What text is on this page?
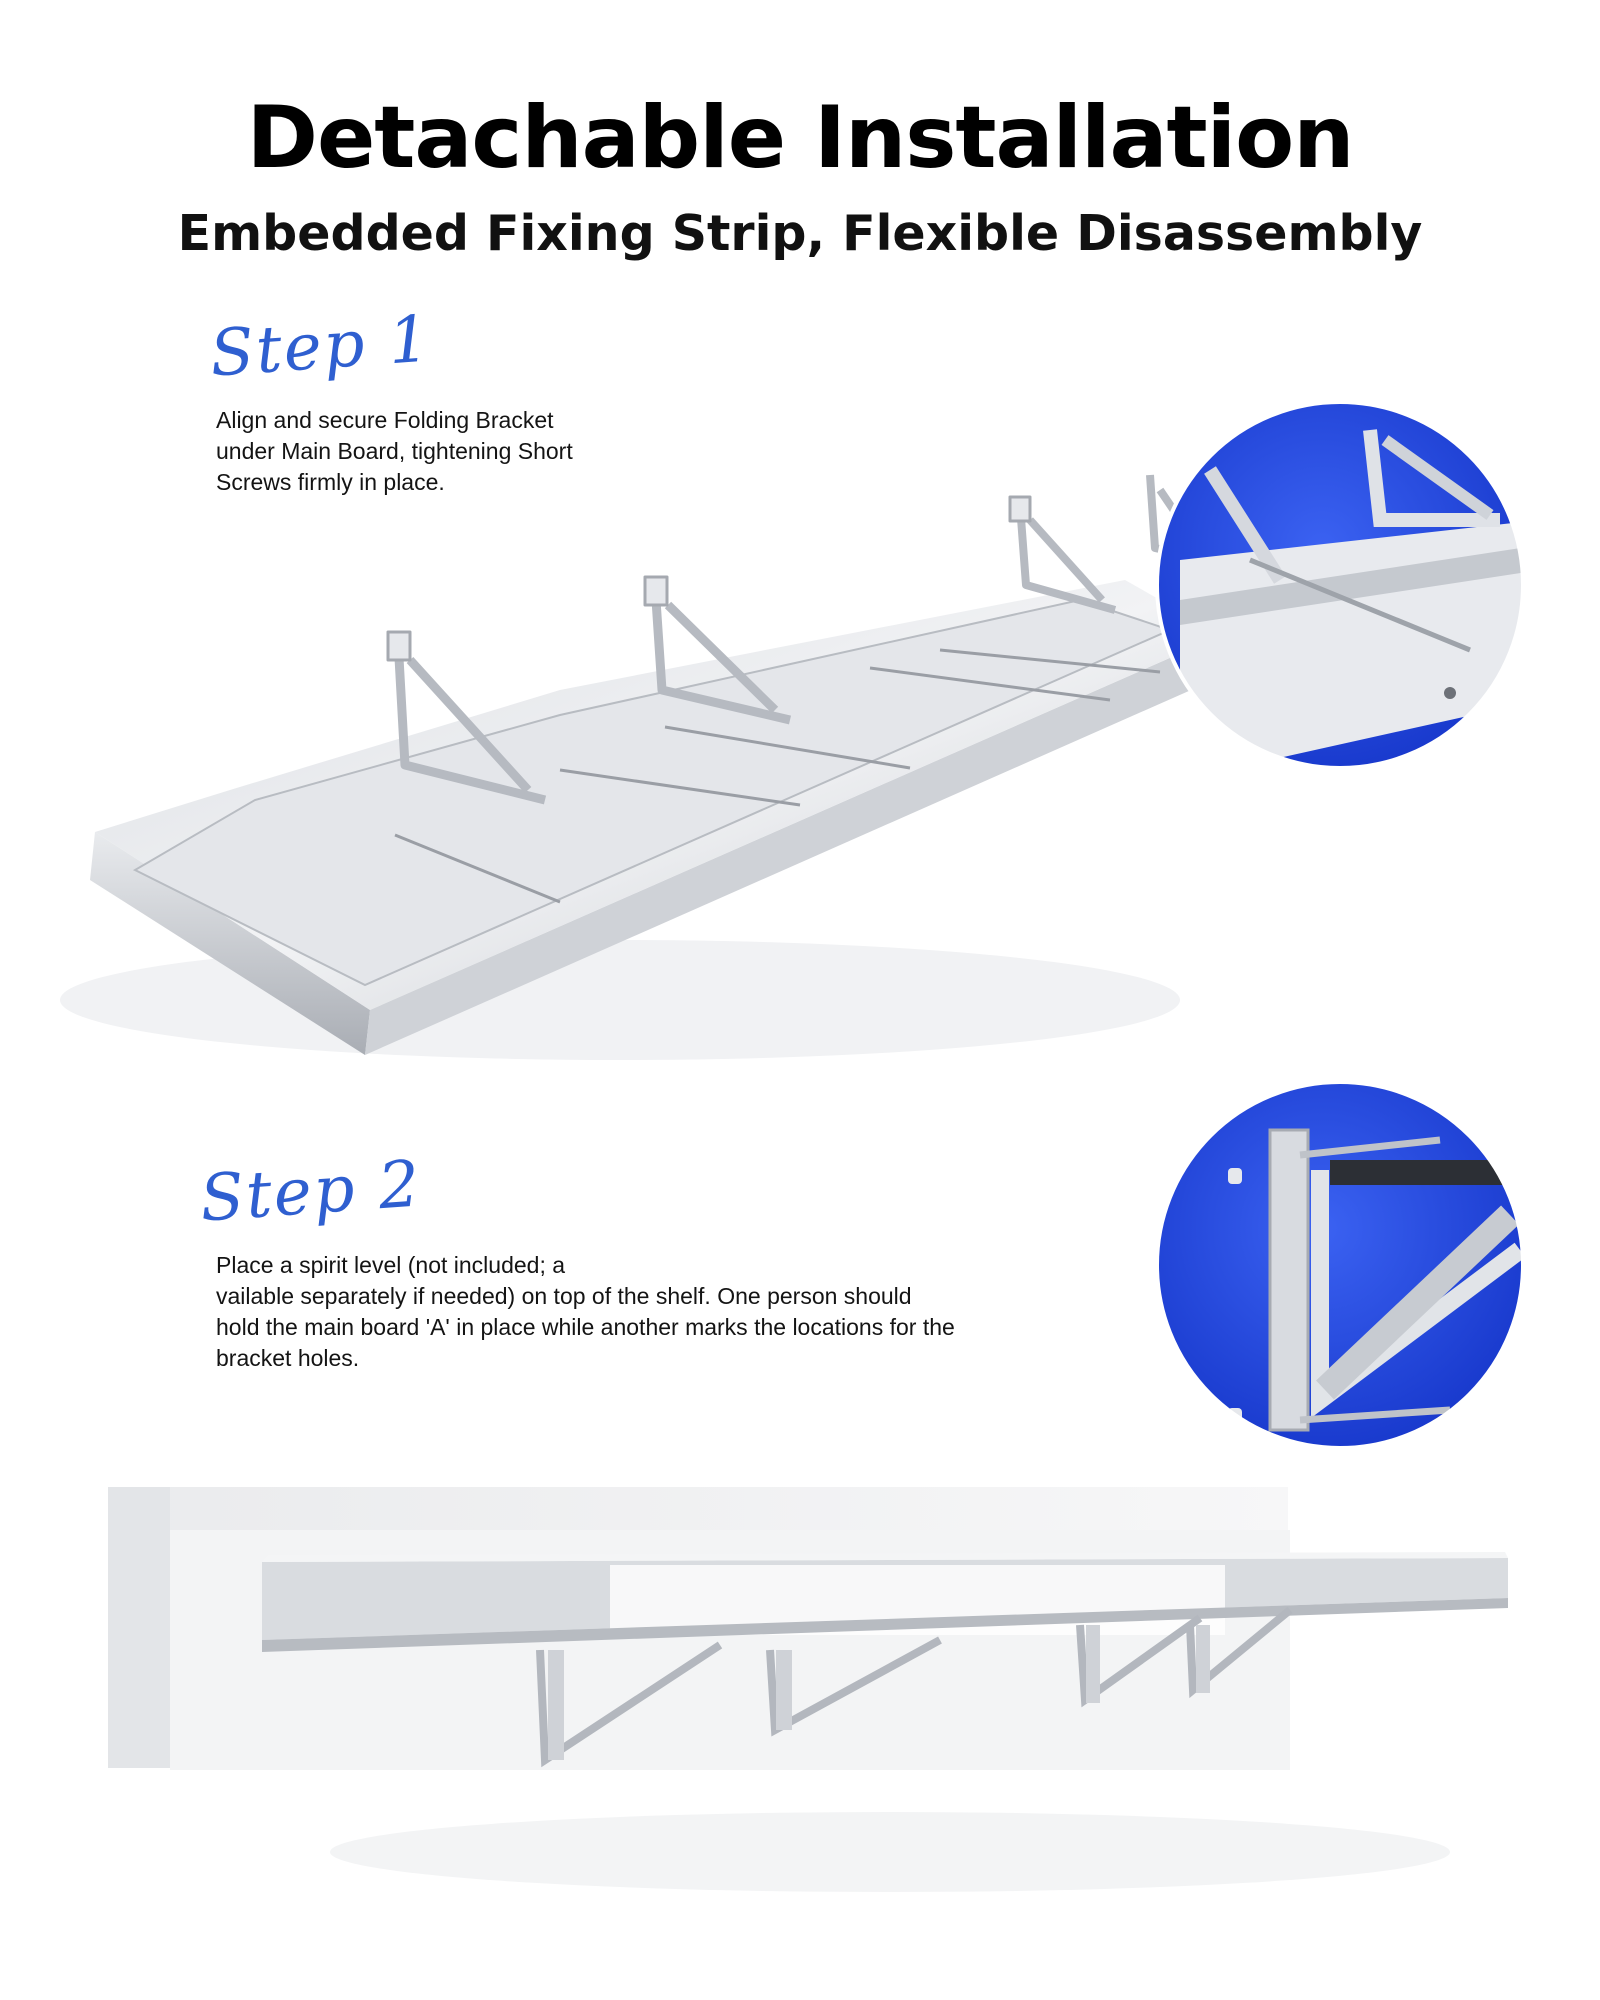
Detachable Installation
Embedded Fixing Strip, Flexible Disassembly
Step 1
Align and secure Folding Bracket
under Main Board, tightening Short
Screws firmly in place.
Step 2
Place a spirit level (not included; a
vailable separately if needed) on top of the shelf. One person should
hold the main board 'A' in place while another marks the locations for the
bracket holes.
